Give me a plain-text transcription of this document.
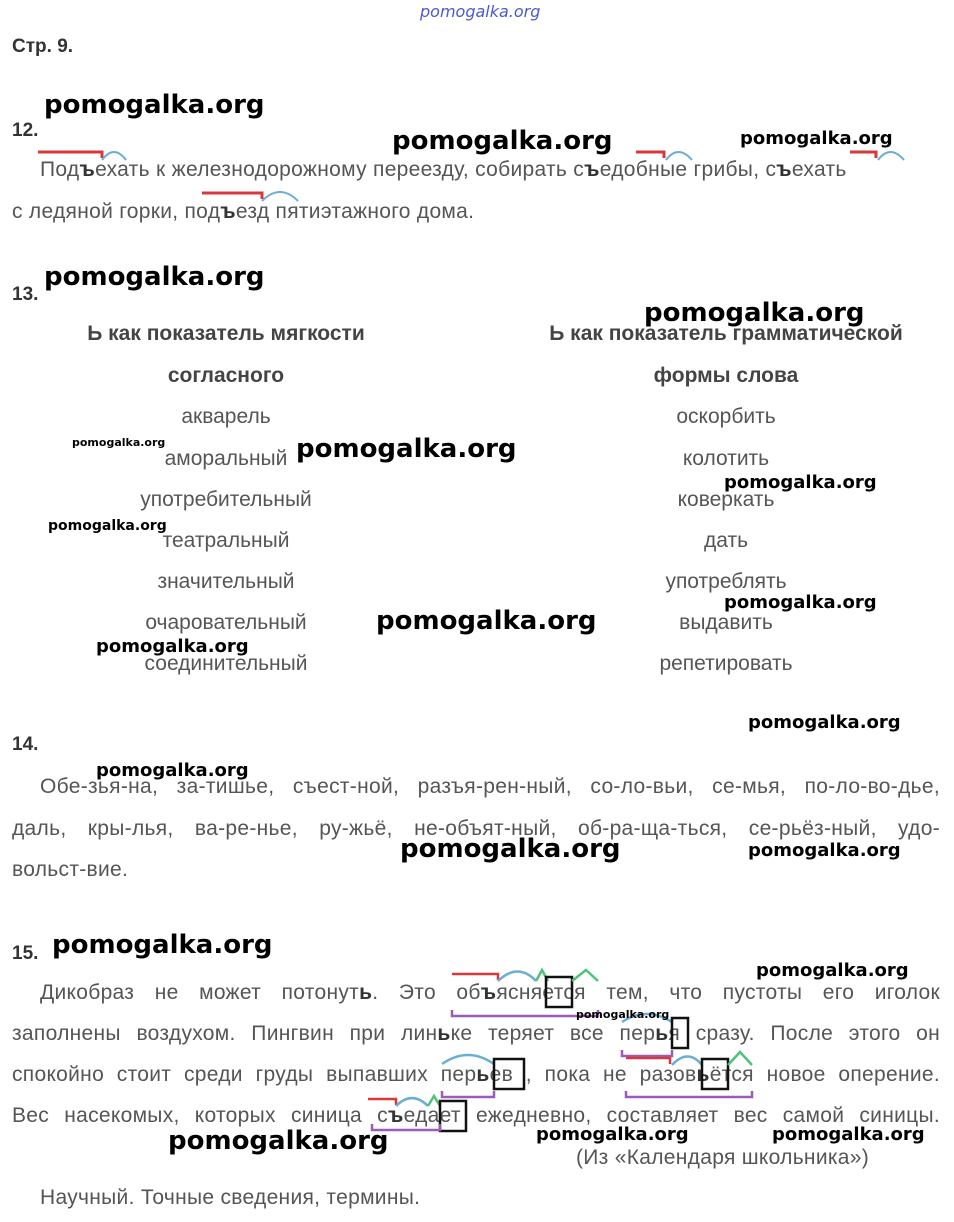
pomogalka.org
Стр. 9.
12.
Подъехать к железнодорожному переезду, собирать съедобные грибы, съехать
с ледяной горки, подъезд пятиэтажного дома.
13.
Ь как показатель мягкости
согласного
Ь как показатель грамматической
формы слова
акварель
аморальный
употребительный
театральный
значительный
очаровательный
соединительный
оскорбить
колотить
коверкать
дать
употреблять
выдавить
репетировать
14.
Обе-зья-на, за-тишье, съест-ной, разъя-рен-ный, со-ло-вьи, се-мья, по-ло-во-дье,
даль, кры-лья, ва-ре-нье, ру-жьё, не-объят-ный, об-ра-ща-ться, се-рьёз-ный, удо-
вольст-вие.
15.
Дикобраз не может потонуть. Это объясняется тем, что пустоты его иголок
заполнены воздухом. Пингвин при линьке теряет все перья сразу. После этого он
спокойно стоит среди груды выпавших перьев , пока не разовьётся новое оперение.
Вес насекомых, которых синица съедает ежедневно, составляет вес самой синицы.
(Из «Календаря школьника»)
Научный. Точные сведения, термины.
pomogalka.org
pomogalka.org	pomogalka.org
pomogalka.org
pomogalka.org
pomogalka.org	pomogalka.org
pomogalka.org
pomogalka.org
pomogalka.org
pomogalka.org
pomogalka.org
pomogalka.org
pomogalka.org
pomogalka.org	pomogalka.org
pomogalka.org
pomogalka.org
pomogalka.org
pomogalka.org	pomogalka.org	pomogalka.org
